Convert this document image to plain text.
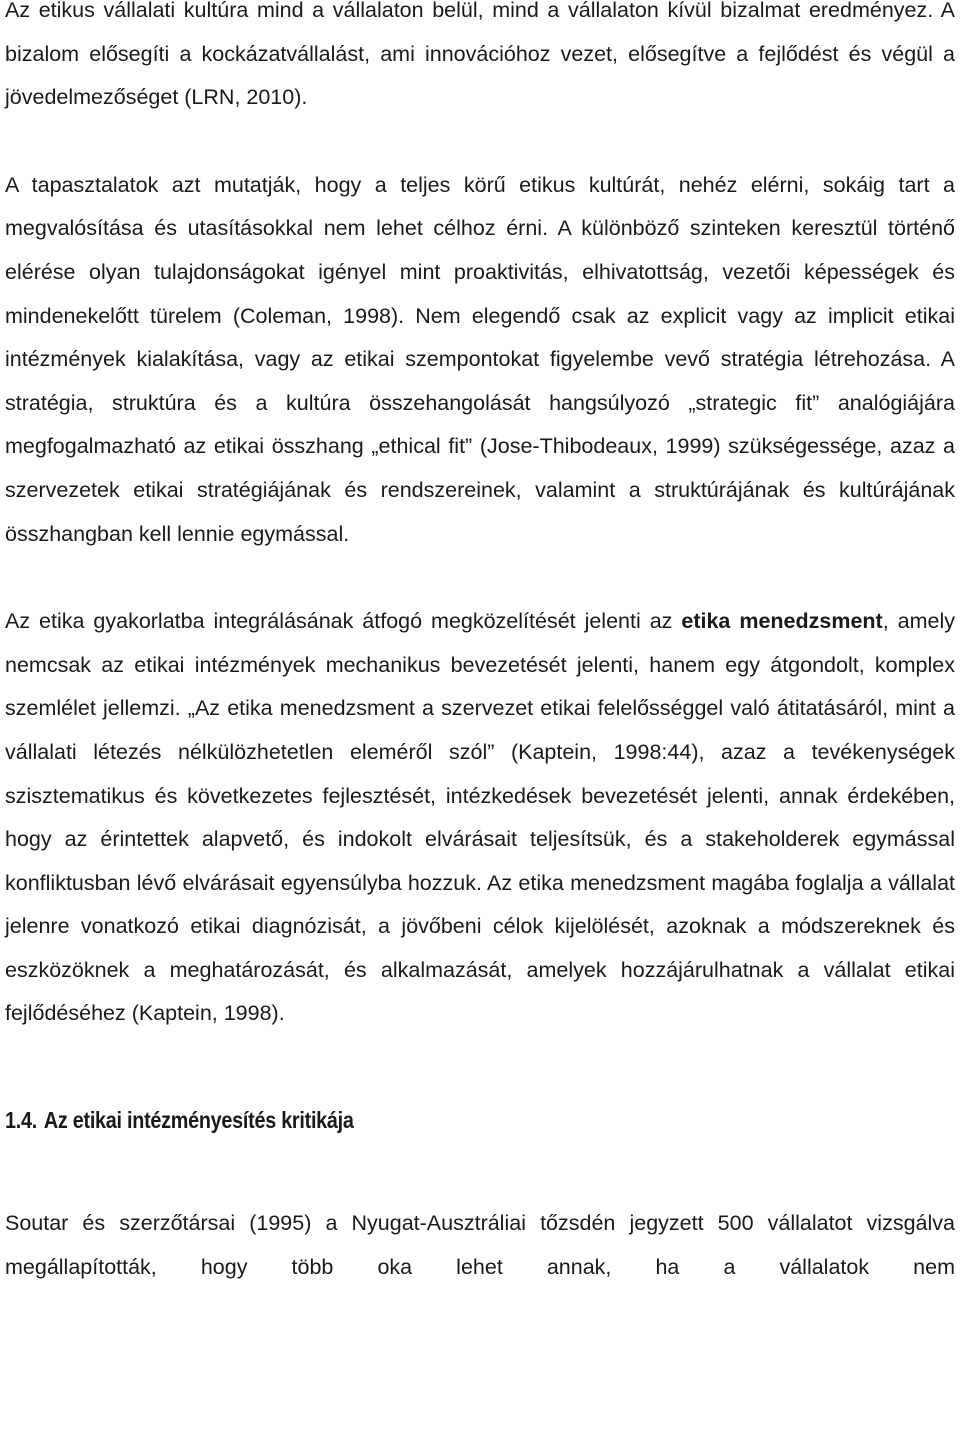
Az etikus vállalati kultúra mind a vállalaton belül, mind a vállalaton kívül bizalmat eredményez. A bizalom elősegíti a kockázatvállalást, ami innovációhoz vezet, elősegítve a fejlődést és végül a jövedelmezőséget (LRN, 2010).

A tapasztalatok azt mutatják, hogy a teljes körű etikus kultúrát, nehéz elérni, sokáig tart a megvalósítása és utasításokkal nem lehet célhoz érni. A különböző szinteken keresztül történő elérése olyan tulajdonságokat igényel mint proaktivitás, elhivatottság, vezetői képességek és mindenekelőtt türelem (Coleman, 1998). Nem elegendő csak az explicit vagy az implicit etikai intézmények kialakítása, vagy az etikai szempontokat figyelembe vevő stratégia létrehozása. A stratégia, struktúra és a kultúra összehangolását hangsúlyozó „strategic fit” analógiájára megfogalmazható az etikai összhang „ethical fit” (Jose-Thibodeaux, 1999) szükségessége, azaz a szervezetek etikai stratégiájának és rendszereinek, valamint a struktúrájának és kultúrájának összhangban kell lennie egymással.

Az etika gyakorlatba integrálásának átfogó megközelítését jelenti az etika menedzsment, amely nemcsak az etikai intézmények mechanikus bevezetését jelenti, hanem egy átgondolt, komplex szemlélet jellemzi. „Az etika menedzsment a szervezet etikai felelősséggel való átitatásáról, mint a vállalati létezés nélkülözhetetlen eleméről szól” (Kaptein, 1998:44), azaz a tevékenységek szisztematikus és következetes fejlesztését, intézkedések bevezetését jelenti, annak érdekében, hogy az érintettek alapvető, és indokolt elvárásait teljesítsük, és a stakeholderek egymással konfliktusban lévő elvárásait egyensúlyba hozzuk. Az etika menedzsment magába foglalja a vállalat jelenre vonatkozó etikai diagnózisát, a jövőbeni célok kijelölését, azoknak a módszereknek és eszközöknek a meghatározását, és alkalmazását, amelyek hozzájárulhatnak a vállalat etikai fejlődéséhez (Kaptein, 1998).

1.4. Az etikai intézményesítés kritikája

Soutar és szerzőtársai (1995) a Nyugat-Ausztráliai tőzsdén jegyzett 500 vállalatot vizsgálva megállapították, hogy több oka lehet annak, ha a vállalatok nem
